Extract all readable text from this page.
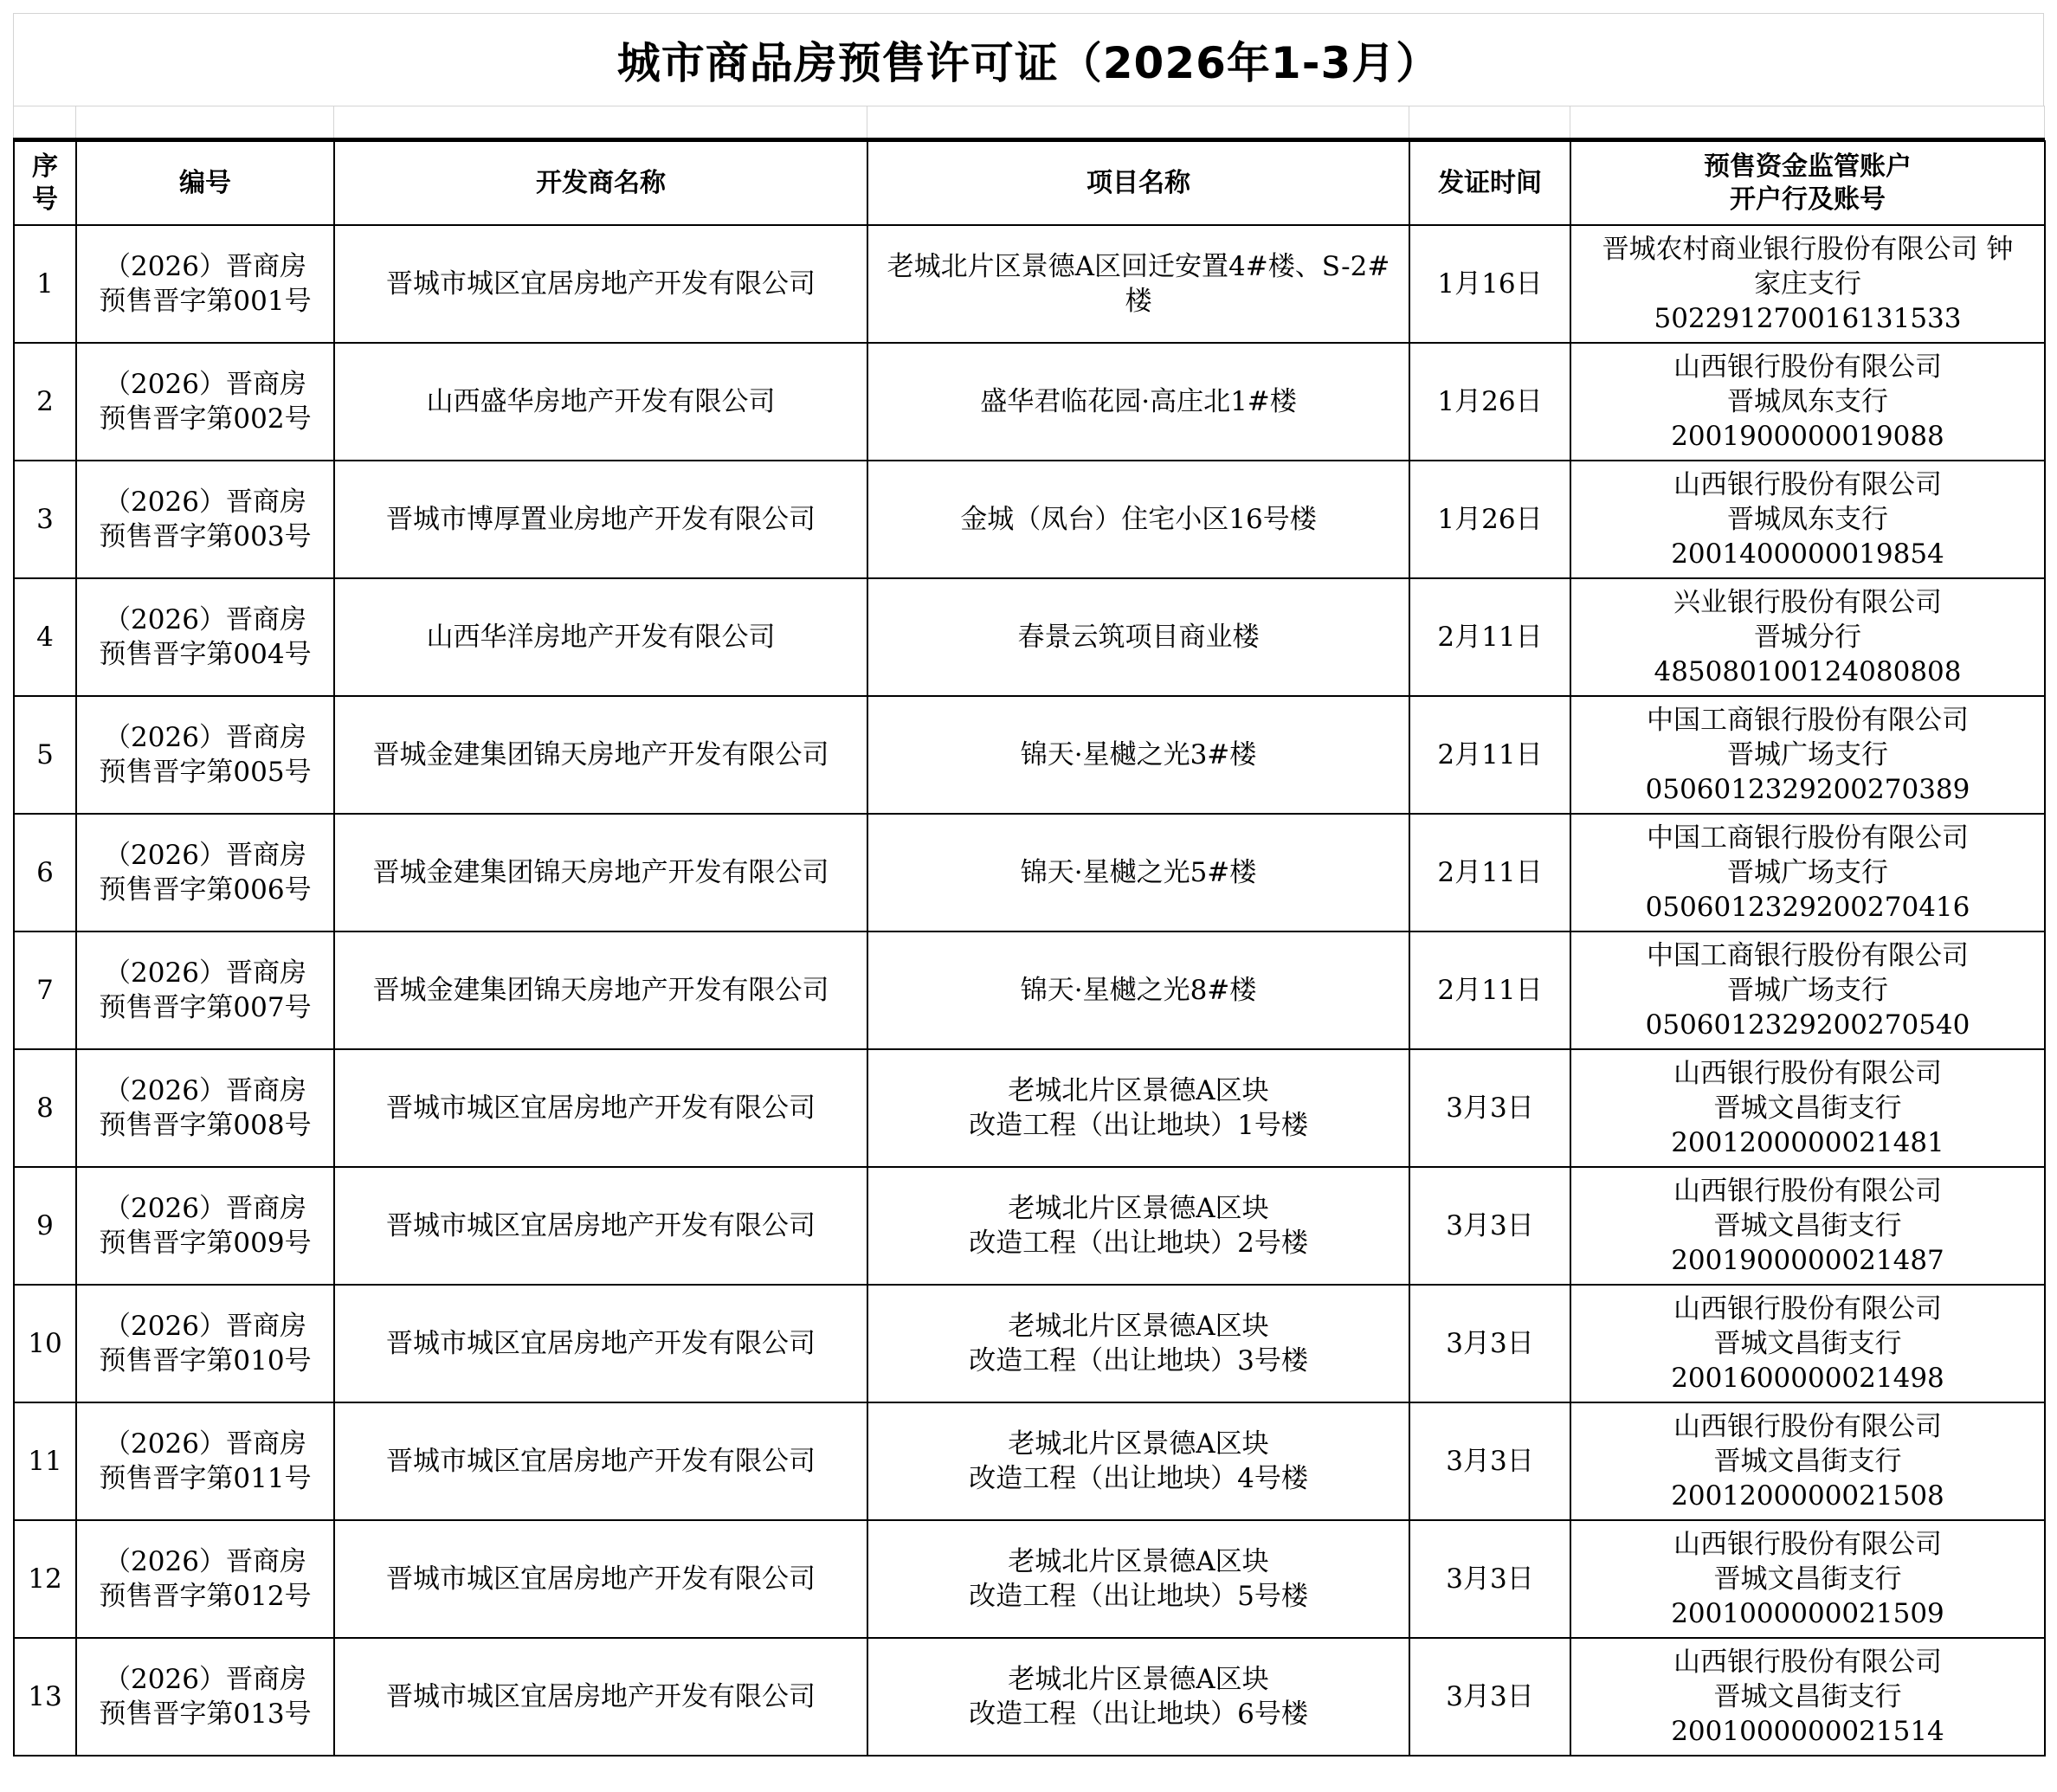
城市商品房预售许可证（2026年1-3月）

序
号	编号	开发商名称	项目名称	发证时间	预售资金监管账户
开户行及账号

1	（2026）晋商房
预售晋字第001号	晋城市城区宜居房地产开发有限公司	老城北片区景德A区回迁安置4#楼、S-2#
楼	1月16日	晋城农村商业银行股份有限公司 钟
家庄支行
502291270016131533

2	（2026）晋商房
预售晋字第002号	山西盛华房地产开发有限公司	盛华君临花园·高庄北1#楼	1月26日	山西银行股份有限公司
晋城凤东支行
2001900000019088

3	（2026）晋商房
预售晋字第003号	晋城市博厚置业房地产开发有限公司	金城（凤台）住宅小区16号楼	1月26日	山西银行股份有限公司
晋城凤东支行
2001400000019854

4	（2026）晋商房
预售晋字第004号	山西华洋房地产开发有限公司	春景云筑项目商业楼	2月11日	兴业银行股份有限公司
晋城分行
485080100124080808

5	（2026）晋商房
预售晋字第005号	晋城金建集团锦天房地产开发有限公司	锦天·星樾之光3#楼	2月11日	中国工商银行股份有限公司
晋城广场支行
0506012329200270389

6	（2026）晋商房
预售晋字第006号	晋城金建集团锦天房地产开发有限公司	锦天·星樾之光5#楼	2月11日	中国工商银行股份有限公司
晋城广场支行
0506012329200270416

7	（2026）晋商房
预售晋字第007号	晋城金建集团锦天房地产开发有限公司	锦天·星樾之光8#楼	2月11日	中国工商银行股份有限公司
晋城广场支行
0506012329200270540

8	（2026）晋商房
预售晋字第008号	晋城市城区宜居房地产开发有限公司	老城北片区景德A区块
改造工程（出让地块）1号楼	3月3日	山西银行股份有限公司
晋城文昌街支行
2001200000021481

9	（2026）晋商房
预售晋字第009号	晋城市城区宜居房地产开发有限公司	老城北片区景德A区块
改造工程（出让地块）2号楼	3月3日	山西银行股份有限公司
晋城文昌街支行
2001900000021487

10	（2026）晋商房
预售晋字第010号	晋城市城区宜居房地产开发有限公司	老城北片区景德A区块
改造工程（出让地块）3号楼	3月3日	山西银行股份有限公司
晋城文昌街支行
2001600000021498

11	（2026）晋商房
预售晋字第011号	晋城市城区宜居房地产开发有限公司	老城北片区景德A区块
改造工程（出让地块）4号楼	3月3日	山西银行股份有限公司
晋城文昌街支行
2001200000021508

12	（2026）晋商房
预售晋字第012号	晋城市城区宜居房地产开发有限公司	老城北片区景德A区块
改造工程（出让地块）5号楼	3月3日	山西银行股份有限公司
晋城文昌街支行
2001000000021509

13	（2026）晋商房
预售晋字第013号	晋城市城区宜居房地产开发有限公司	老城北片区景德A区块
改造工程（出让地块）6号楼	3月3日	山西银行股份有限公司
晋城文昌街支行
2001000000021514
